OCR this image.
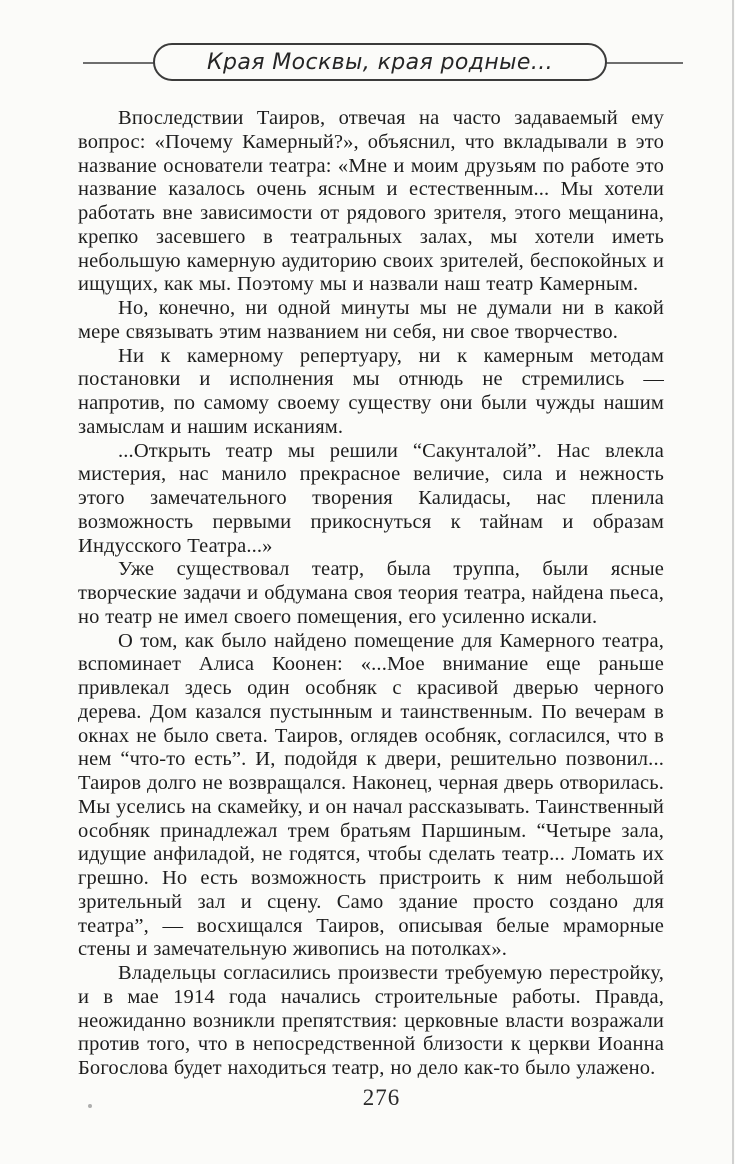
Края Москвы, края родные...

Впоследствии Таиров, отвечая на часто задаваемый ему вопрос: «Почему Камерный?», объяснил, что вкладывали в это название основатели театра: «Мне и моим друзьям по работе это название казалось очень ясным и естественным... Мы хотели работать вне зависимости от рядового зрителя, этого мещанина, крепко засевшего в театральных залах, мы хотели иметь небольшую камерную аудиторию своих зрителей, беспокойных и ищущих, как мы. Поэтому мы и назвали наш театр Камерным.

Но, конечно, ни одной минуты мы не думали ни в какой мере связывать этим названием ни себя, ни свое творчество.

Ни к камерному репертуару, ни к камерным методам постановки и исполнения мы отнюдь не стремились — напротив, по самому своему существу они были чужды нашим замыслам и нашим исканиям.

...Открыть театр мы решили “Сакунталой”. Нас влекла мистерия, нас манило прекрасное величие, сила и нежность этого замечательного творения Калидасы, нас пленила возможность первыми прикоснуться к тайнам и образам Индусского Театра...»

Уже существовал театр, была труппа, были ясные творческие задачи и обдумана своя теория театра, найдена пьеса, но театр не имел своего помещения, его усиленно искали.

О том, как было найдено помещение для Камерного театра, вспоминает Алиса Коонен: «...Мое внимание еще раньше привлекал здесь один особняк с красивой дверью черного дерева. Дом казался пустынным и таинственным. По вечерам в окнах не было света. Таиров, оглядев особняк, согласился, что в нем “что-то есть”. И, подойдя к двери, решительно позвонил... Таиров долго не возвращался. Наконец, черная дверь отворилась. Мы уселись на скамейку, и он начал рассказывать. Таинственный особняк принадлежал трем братьям Паршиным. “Четыре зала, идущие анфиладой, не годятся, чтобы сделать театр... Ломать их грешно. Но есть возможность пристроить к ним небольшой зрительный зал и сцену. Само здание просто создано для театра”, — восхищался Таиров, описывая белые мраморные стены и замечательную живопись на потолках».

Владельцы согласились произвести требуемую перестройку, и в мае 1914 года начались строительные работы. Правда, неожиданно возникли препятствия: церковные власти возражали против того, что в непосредственной близости к церкви Иоанна Богослова будет находиться театр, но дело как-то было улажено.

276
